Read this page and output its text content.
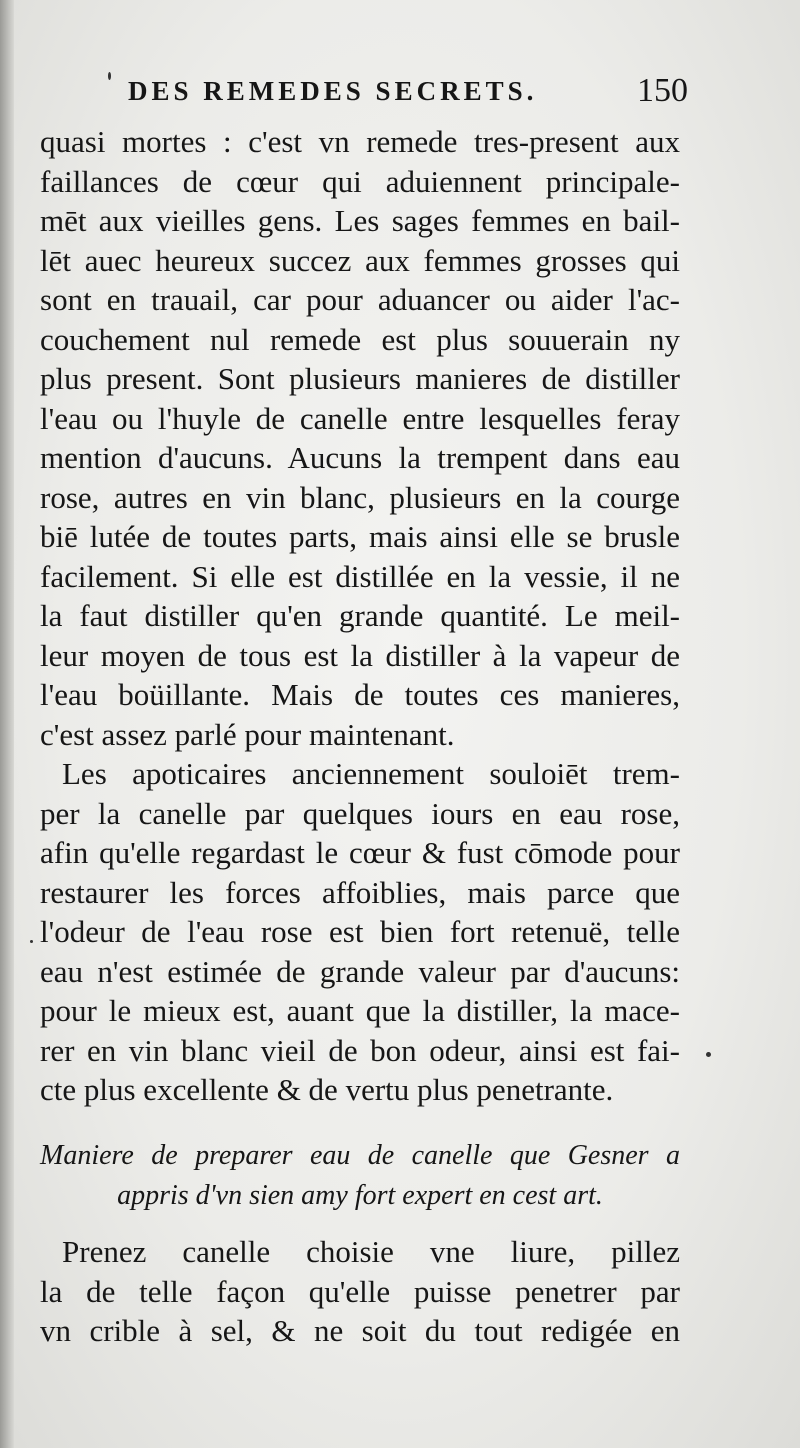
DES REMEDES SECRETS.	150
quasi mortes : c'est vn remede tres-present aux
faillances de cœur qui aduiennent principale-
mēt aux vieilles gens. Les sages femmes en bail-
lēt auec heureux succez aux femmes grosses qui
sont en trauail, car pour aduancer ou aider l'ac-
couchement nul remede est plus souuerain ny
plus present. Sont plusieurs manieres de distiller
l'eau ou l'huyle de canelle entre lesquelles feray
mention d'aucuns. Aucuns la trempent dans eau
rose, autres en vin blanc, plusieurs en la courge
biē lutée de toutes parts, mais ainsi elle se brusle
facilement. Si elle est distillée en la vessie, il ne
la faut distiller qu'en grande quantité. Le meil-
leur moyen de tous est la distiller à la vapeur de
l'eau boüillante. Mais de toutes ces manieres,
c'est assez parlé pour maintenant.
Les apoticaires anciennement souloiēt trem-
per la canelle par quelques iours en eau rose,
afin qu'elle regardast le cœur & fust cōmode pour
restaurer les forces affoiblies, mais parce que
l'odeur de l'eau rose est bien fort retenuë, telle
eau n'est estimée de grande valeur par d'aucuns:
pour le mieux est, auant que la distiller, la mace-
rer en vin blanc vieil de bon odeur, ainsi est fai-
cte plus excellente & de vertu plus penetrante.
Maniere de preparer eau de canelle que Gesner a
appris d'vn sien amy fort expert en cest art.
Prenez canelle choisie vne liure, pillez
la de telle façon qu'elle puisse penetrer par
vn crible à sel, & ne soit du tout redigée en
